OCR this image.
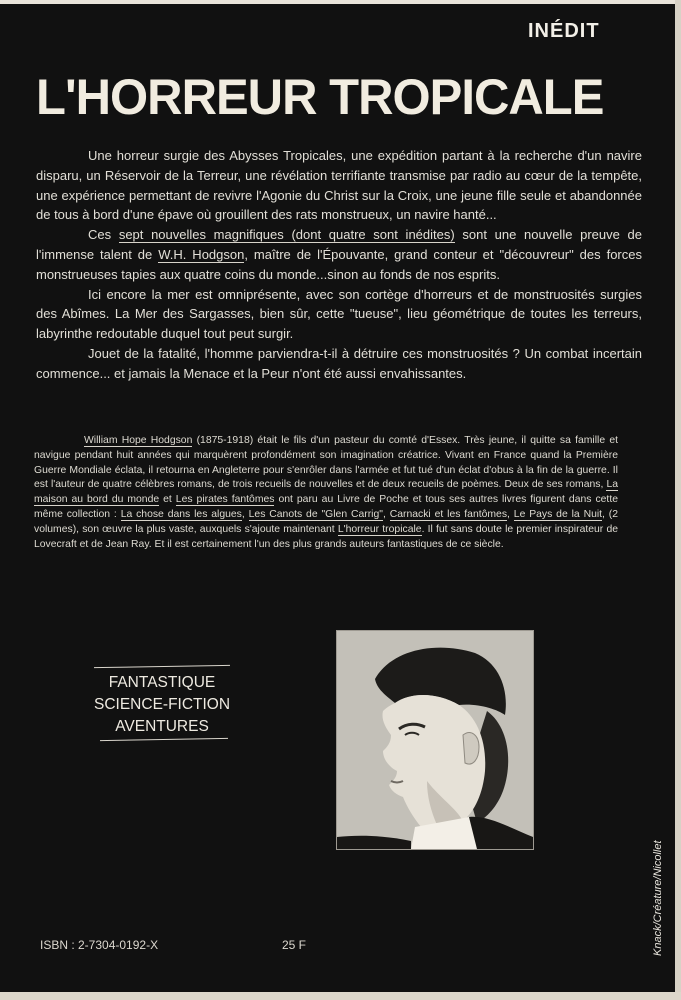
INÉDIT
L'HORREUR TROPICALE

Une horreur surgie des Abysses Tropicales, une expédition partant à la recherche d'un navire disparu, un Réservoir de la Terreur, une révélation terrifiante transmise par radio au cœur de la tempête, une expérience permettant de revivre l'Agonie du Christ sur la Croix, une jeune fille seule et abandonnée de tous à bord d'une épave où grouillent des rats monstrueux, un navire hanté...

Ces sept nouvelles magnifiques (dont quatre sont inédites) sont une nouvelle preuve de l'immense talent de W.H. Hodgson, maître de l'Épouvante, grand conteur et "découvreur" des forces monstrueuses tapies aux quatre coins du monde...sinon au fonds de nos esprits.

Ici encore la mer est omniprésente, avec son cortège d'horreurs et de monstruosités surgies des Abîmes. La Mer des Sargasses, bien sûr, cette "tueuse", lieu géométrique de toutes les terreurs, labyrinthe redoutable duquel tout peut surgir.

Jouet de la fatalité, l'homme parviendra-t-il à détruire ces monstruosités ? Un combat incertain commence... et jamais la Menace et la Peur n'ont été aussi envahissantes.

William Hope Hodgson (1875-1918) était le fils d'un pasteur du comté d'Essex. Très jeune, il quitte sa famille et navigue pendant huit années qui marquèrent profondément son imagination créatrice. Vivant en France quand la Première Guerre Mondiale éclata, il retourna en Angleterre pour s'enrôler dans l'armée et fut tué d'un éclat d'obus à la fin de la guerre. Il est l'auteur de quatre célèbres romans, de trois recueils de nouvelles et de deux recueils de poèmes. Deux de ses romans, La maison au bord du monde et Les pirates fantômes ont paru au Livre de Poche et tous ses autres livres figurent dans cette même collection : La chose dans les algues, Les Canots de "Glen Carrig", Carnacki et les fantômes, Le Pays de la Nuit, (2 volumes), son œuvre la plus vaste, auxquels s'ajoute maintenant L'horreur tropicale. Il fut sans doute le premier inspirateur de Lovecraft et de Jean Ray. Et il est certainement l'un des plus grands auteurs fantastiques de ce siècle.

FANTASTIQUE
SCIENCE-FICTION
AVENTURES
Knack/Créature/Nicollet
ISBN : 2-7304-0192-X	25 F
